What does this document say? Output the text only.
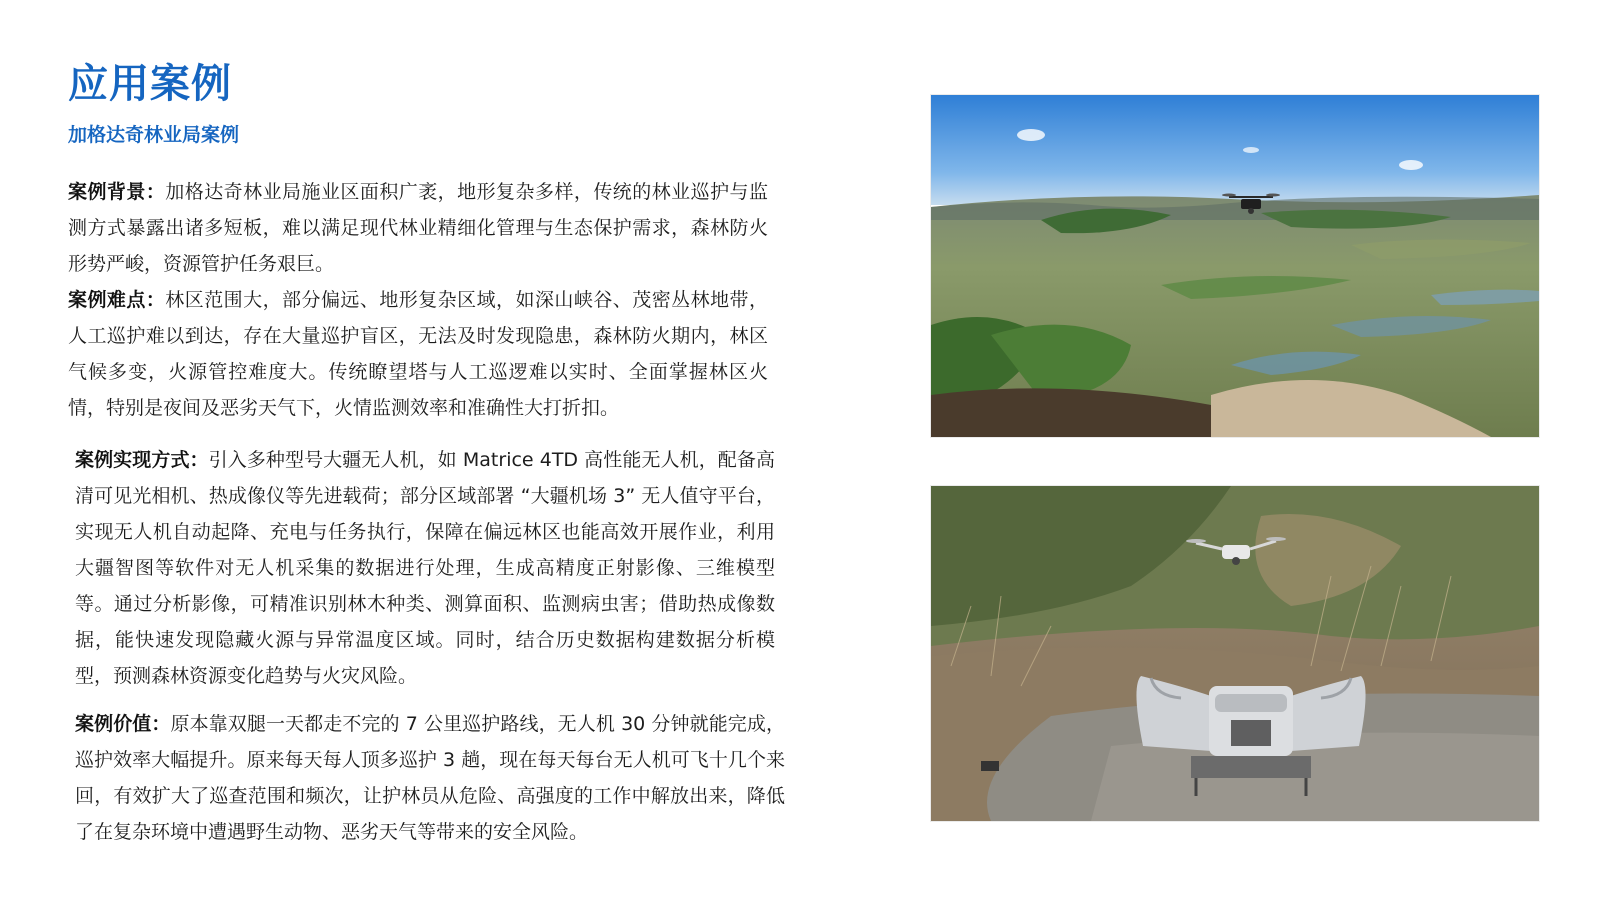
应用案例
加格达奇林业局案例

案例背景：加格达奇林业局施业区面积广袤，地形复杂多样，传统的林业巡护与监测方式暴露出诸多短板，难以满足现代林业精细化管理与生态保护需求，森林防火形势严峻，资源管护任务艰巨。

案例难点：林区范围大，部分偏远、地形复杂区域，如深山峡谷、茂密丛林地带，人工巡护难以到达，存在大量巡护盲区，无法及时发现隐患，森林防火期内，林区气候多变，火源管控难度大。传统瞭望塔与人工巡逻难以实时、全面掌握林区火情，特别是夜间及恶劣天气下，火情监测效率和准确性大打折扣。

案例实现方式：引入多种型号大疆无人机，如 Matrice 4TD 高性能无人机，配备高清可见光相机、热成像仪等先进载荷；部分区域部署 “大疆机场 3” 无人值守平台，实现无人机自动起降、充电与任务执行，保障在偏远林区也能高效开展作业，利用大疆智图等软件对无人机采集的数据进行处理，生成高精度正射影像、三维模型等。通过分析影像，可精准识别林木种类、测算面积、监测病虫害；借助热成像数据，能快速发现隐藏火源与异常温度区域。同时，结合历史数据构建数据分析模型，预测森林资源变化趋势与火灾风险。

案例价值：原本靠双腿一天都走不完的 7 公里巡护路线，无人机 30 分钟就能完成，巡护效率大幅提升。原来每天每人顶多巡护 3 趟，现在每天每台无人机可飞十几个来回，有效扩大了巡查范围和频次，让护林员从危险、高强度的工作中解放出来，降低了在复杂环境中遭遇野生动物、恶劣天气等带来的安全风险。
